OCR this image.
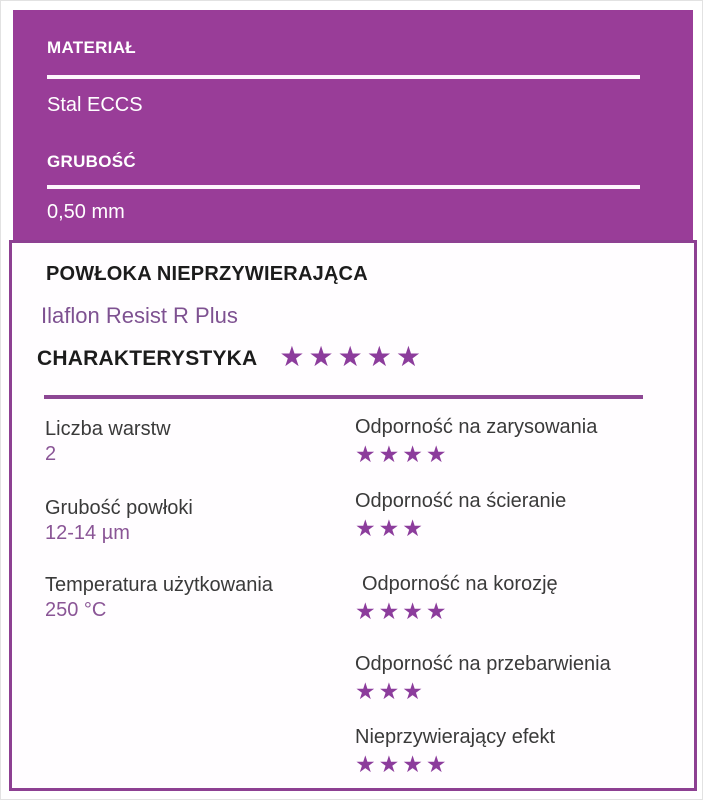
MATERIAŁ
Stal ECCS
GRUBOŚĆ
0,50 mm
POWŁOKA NIEPRZYWIERAJĄCA
Ilaflon Resist R Plus
CHARAKTERYSTYKA ★★★★★
Liczba warstw
2
Grubość powłoki
12-14 µm
Temperatura użytkowania
250 °C
Odporność na zarysowania
★★★★
Odporność na ścieranie
★★★
Odporność na korozję
★★★★
Odporność na przebarwienia
★★★
Nieprzywierający efekt
★★★★
